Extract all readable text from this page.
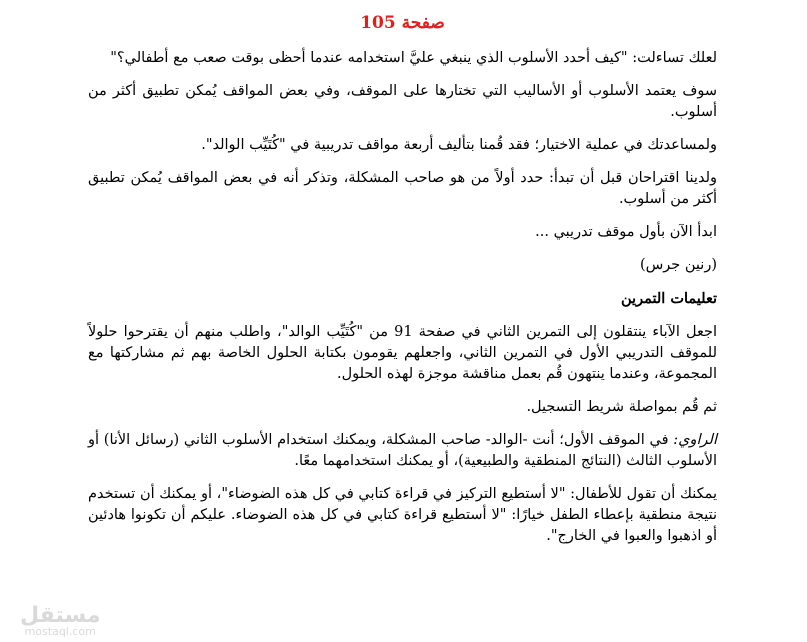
صفحة 105

لعلك تساءلت: "كيف أحدد الأسلوب الذي ينبغي عليَّ استخدامه عندما أحظى بوقت صعب مع أطفالي؟"

سوف يعتمد الأسلوب أو الأساليب التي تختارها على الموقف، وفي بعض المواقف يُمكن تطبيق أكثر من أسلوب.

ولمساعدتك في عملية الاختيار؛ فقد قُمنا بتأليف أربعة مواقف تدريبية في "كُتَيِّب الوالد".

ولدينا اقتراحان قبل أن تبدأ: حدد أولاً من هو صاحب المشكلة، وتذكر أنه في بعض المواقف يُمكن تطبيق أكثر من أسلوب.

ابدأ الآن بأول موقف تدريبي ...

(رنين جرس)

تعليمات التمرين

اجعل الآباء ينتقلون إلى التمرين الثاني في صفحة 91 من "كُتَيِّب الوالد"، واطلب منهم أن يقترحوا حلولاً للموقف التدريبي الأول في التمرين الثاني، واجعلهم يقومون بكتابة الحلول الخاصة بهم ثم مشاركتها مع المجموعة، وعندما ينتهون قُم بعمل مناقشة موجزة لهذه الحلول.

ثم قُم بمواصلة شريط التسجيل.

الراوي: في الموقف الأول؛ أنت -الوالد- صاحب المشكلة، ويمكنك استخدام الأسلوب الثاني (رسائل الأنا) أو الأسلوب الثالث (النتائج المنطقية والطبيعية)، أو يمكنك استخدامهما معًا.

يمكنك أن تقول للأطفال: "لا أستطيع التركيز في قراءة كتابي في كل هذه الضوضاء"، أو يمكنك أن تستخدم نتيجة منطقية بإعطاء الطفل خيارًا: "لا أستطيع قراءة كتابي في كل هذه الضوضاء. عليكم أن تكونوا هادئين أو اذهبوا والعبوا في الخارج".

مستقل
mostaql.com
